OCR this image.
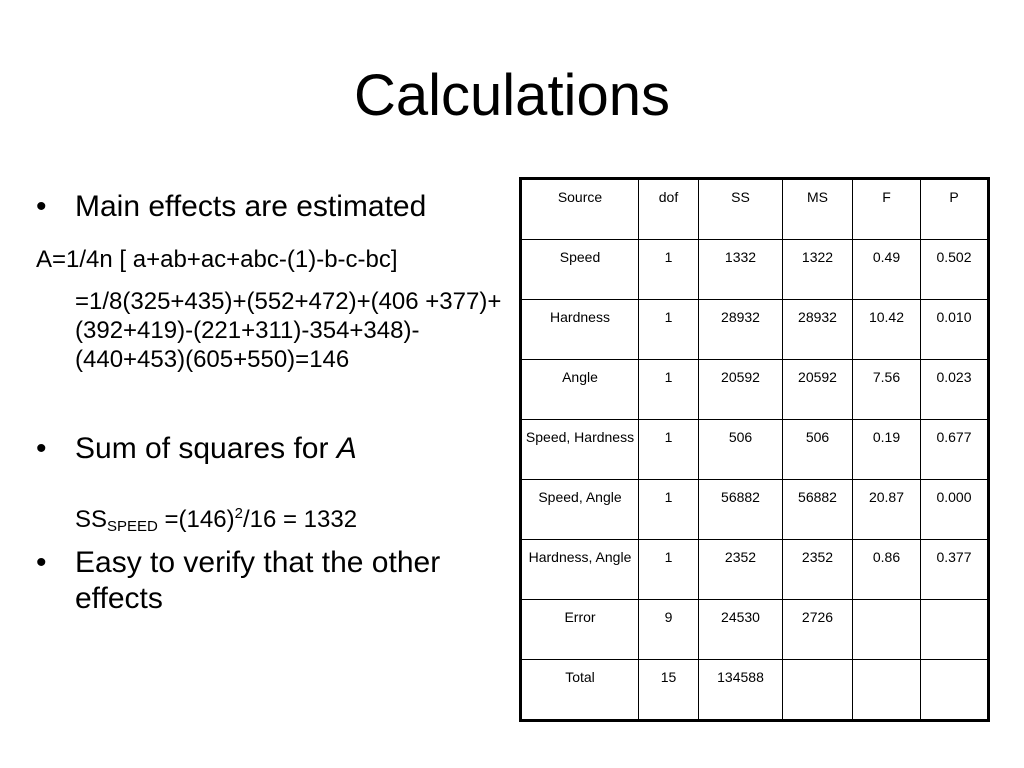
Calculations
• Main effects are estimated
A=1/4n [ a+ab+ac+abc-(1)-b-c-bc]
=1/8(325+435)+(552+472)+(406 +377)+(392+419)-(221+311)-354+348)-(440+453)(605+550)=146
• Sum of squares for A
$SS_{SPEED} =(146)^2/16 = 1332$
• Easy to verify that the other effects
Source	dof	SS	MS	F	P
Speed	1	1332	1322	0.49	0.502
Hardness	1	28932	28932	10.42	0.010
Angle	1	20592	20592	7.56	0.023
Speed, Hardness	1	506	506	0.19	0.677
Speed, Angle	1	56882	56882	20.87	0.000
Hardness, Angle	1	2352	2352	0.86	0.377
Error	9	24530	2726		
Total	15	134588			
